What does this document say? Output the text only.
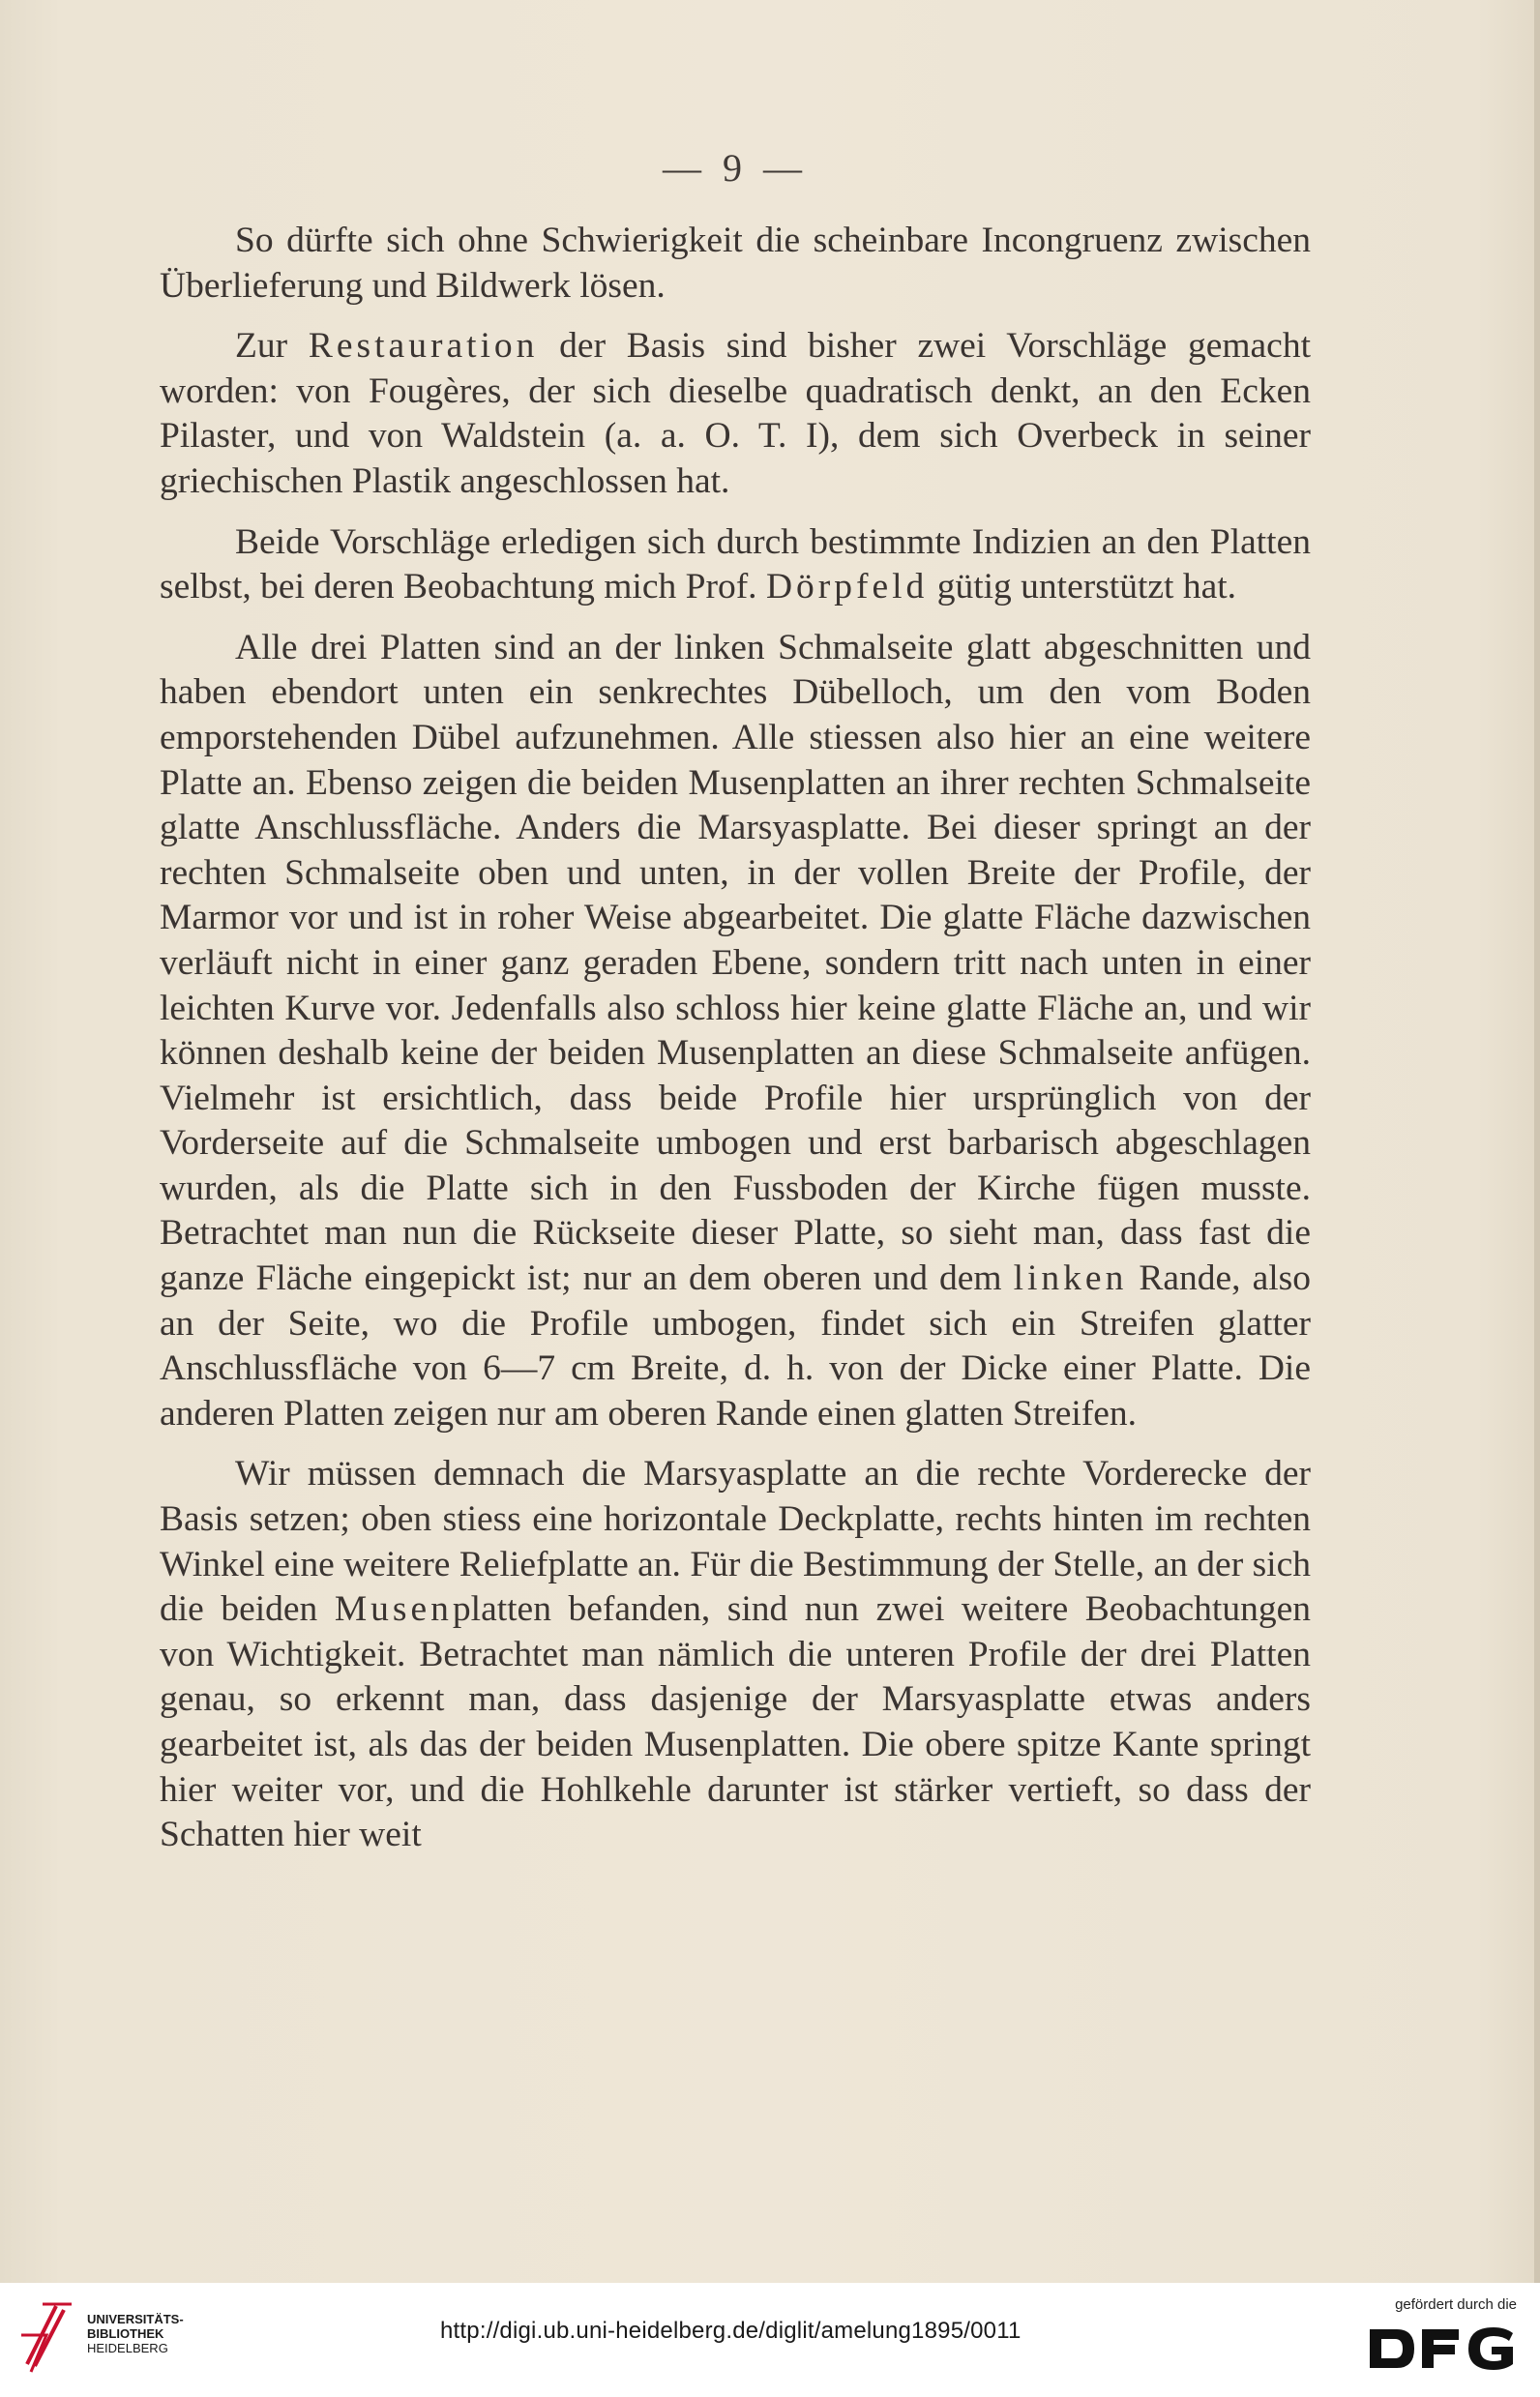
— 9 —

So dürfte sich ohne Schwierigkeit die scheinbare Incongruenz zwischen Überlieferung und Bildwerk lösen.

Zur Restauration der Basis sind bisher zwei Vorschläge gemacht worden: von Fougères, der sich dieselbe quadratisch denkt, an den Ecken Pilaster, und von Waldstein (a. a. O. T. I), dem sich Overbeck in seiner griechischen Plastik angeschlossen hat.

Beide Vorschläge erledigen sich durch bestimmte Indizien an den Platten selbst, bei deren Beobachtung mich Prof. Dörpfeld gütig unterstützt hat.

Alle drei Platten sind an der linken Schmalseite glatt abgeschnitten und haben ebendort unten ein senkrechtes Dübelloch, um den vom Boden emporstehenden Dübel aufzunehmen. Alle stiessen also hier an eine weitere Platte an. Ebenso zeigen die beiden Musenplatten an ihrer rechten Schmalseite glatte Anschlussfläche. Anders die Marsyasplatte. Bei dieser springt an der rechten Schmalseite oben und unten, in der vollen Breite der Profile, der Marmor vor und ist in roher Weise abgearbeitet. Die glatte Fläche dazwischen verläuft nicht in einer ganz geraden Ebene, sondern tritt nach unten in einer leichten Kurve vor. Jedenfalls also schloss hier keine glatte Fläche an, und wir können deshalb keine der beiden Musenplatten an diese Schmalseite anfügen. Vielmehr ist ersichtlich, dass beide Profile hier ursprünglich von der Vorderseite auf die Schmalseite umbogen und erst barbarisch abgeschlagen wurden, als die Platte sich in den Fussboden der Kirche fügen musste. Betrachtet man nun die Rückseite dieser Platte, so sieht man, dass fast die ganze Fläche eingepickt ist; nur an dem oberen und dem linken Rande, also an der Seite, wo die Profile umbogen, findet sich ein Streifen glatter Anschlussfläche von 6—7 cm Breite, d. h. von der Dicke einer Platte. Die anderen Platten zeigen nur am oberen Rande einen glatten Streifen.

Wir müssen demnach die Marsyasplatte an die rechte Vorderecke der Basis setzen; oben stiess eine horizontale Deckplatte, rechts hinten im rechten Winkel eine weitere Reliefplatte an. Für die Bestimmung der Stelle, an der sich die beiden Musenplatten befanden, sind nun zwei weitere Beobachtungen von Wichtigkeit. Betrachtet man nämlich die unteren Profile der drei Platten genau, so erkennt man, dass dasjenige der Marsyasplatte etwas anders gearbeitet ist, als das der beiden Musenplatten. Die obere spitze Kante springt hier weiter vor, und die Hohlkehle darunter ist stärker vertieft, so dass der Schatten hier weit

UNIVERSITÄTS-
BIBLIOTHEK
HEIDELBERG
http://digi.ub.uni-heidelberg.de/diglit/amelung1895/0011
gefördert durch die
